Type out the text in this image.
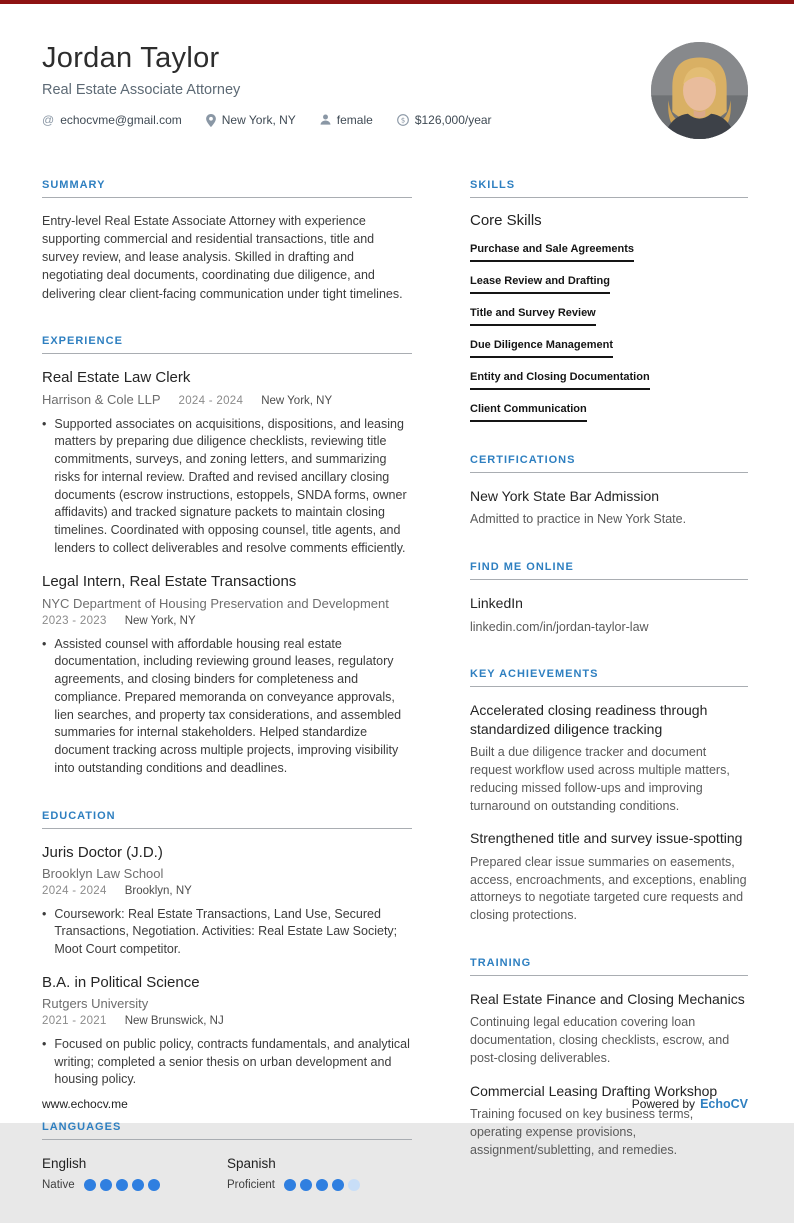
Jordan Taylor
Real Estate Associate Attorney
@ echocvme@gmail.com	New York, NY	female	$ $126,000/year
SUMMARY

Entry-level Real Estate Associate Attorney with experience supporting commercial and residential transactions, title and survey review, and lease analysis. Skilled in drafting and negotiating deal documents, coordinating due diligence, and delivering clear client-facing communication under tight timelines.

EXPERIENCE
Real Estate Law Clerk
Harrison & Cole LLP 2024 - 2024 New York, NY
• Supported associates on acquisitions, dispositions, and leasing matters by preparing due diligence checklists, reviewing title commitments, surveys, and zoning letters, and summarizing risks for internal review. Drafted and revised ancillary closing documents (escrow instructions, estoppels, SNDA forms, owner affidavits) and tracked signature packets to maintain closing timelines. Coordinated with opposing counsel, title agents, and lenders to collect deliverables and resolve comments efficiently.
Legal Intern, Real Estate Transactions
NYC Department of Housing Preservation and Development
2023 - 2023 New York, NY
• Assisted counsel with affordable housing real estate documentation, including reviewing ground leases, regulatory agreements, and closing binders for completeness and compliance. Prepared memoranda on conveyance approvals, lien searches, and property tax considerations, and assembled summaries for internal stakeholders. Helped standardize document tracking across multiple projects, improving visibility into outstanding conditions and deadlines.
EDUCATION
Juris Doctor (J.D.)
Brooklyn Law School
2024 - 2024 Brooklyn, NY
• Coursework: Real Estate Transactions, Land Use, Secured Transactions, Negotiation. Activities: Real Estate Law Society; Moot Court competitor.
B.A. in Political Science
Rutgers University
2021 - 2021 New Brunswick, NJ
• Focused on public policy, contracts fundamentals, and analytical writing; completed a senior thesis on urban development and housing policy.
LANGUAGES
English
Native
Spanish
Proficient
SKILLS
Core Skills
Purchase and Sale Agreements
Lease Review and Drafting
Title and Survey Review
Due Diligence Management
Entity and Closing Documentation
Client Communication
CERTIFICATIONS
New York State Bar Admission
Admitted to practice in New York State.
FIND ME ONLINE
LinkedIn
linkedin.com/in/jordan-taylor-law
KEY ACHIEVEMENTS
Accelerated closing readiness through standardized diligence tracking
Built a due diligence tracker and document request workflow used across multiple matters, reducing missed follow-ups and improving turnaround on outstanding conditions.
Strengthened title and survey issue-spotting
Prepared clear issue summaries on easements, access, encroachments, and exceptions, enabling attorneys to negotiate targeted cure requests and closing protections.
TRAINING
Real Estate Finance and Closing Mechanics
Continuing legal education covering loan documentation, closing checklists, escrow, and post-closing deliverables.
Commercial Leasing Drafting Workshop
Training focused on key business terms, operating expense provisions, assignment/subletting, and remedies.
www.echocv.me	Powered by EchoCV
